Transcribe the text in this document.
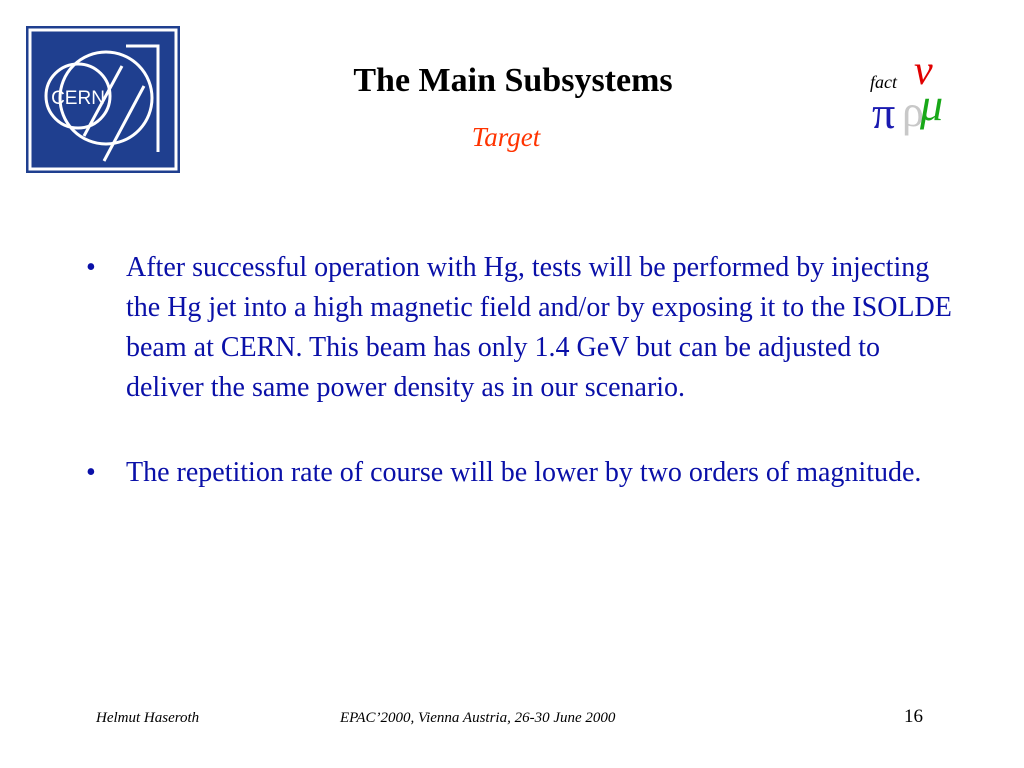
CERN	The Main Subsystems
Target
fact ν
π ρ
μ
• After successful operation with Hg, tests will be performed by injecting the Hg jet into a high magnetic field and/or by exposing it to the ISOLDE beam at CERN. This beam has only 1.4 GeV but can be adjusted to deliver the same power density as in our scenario.
• The repetition rate of course will be lower by two orders of magnitude.
Helmut Haseroth	EPAC’2000, Vienna Austria, 26-30 June 2000	16
